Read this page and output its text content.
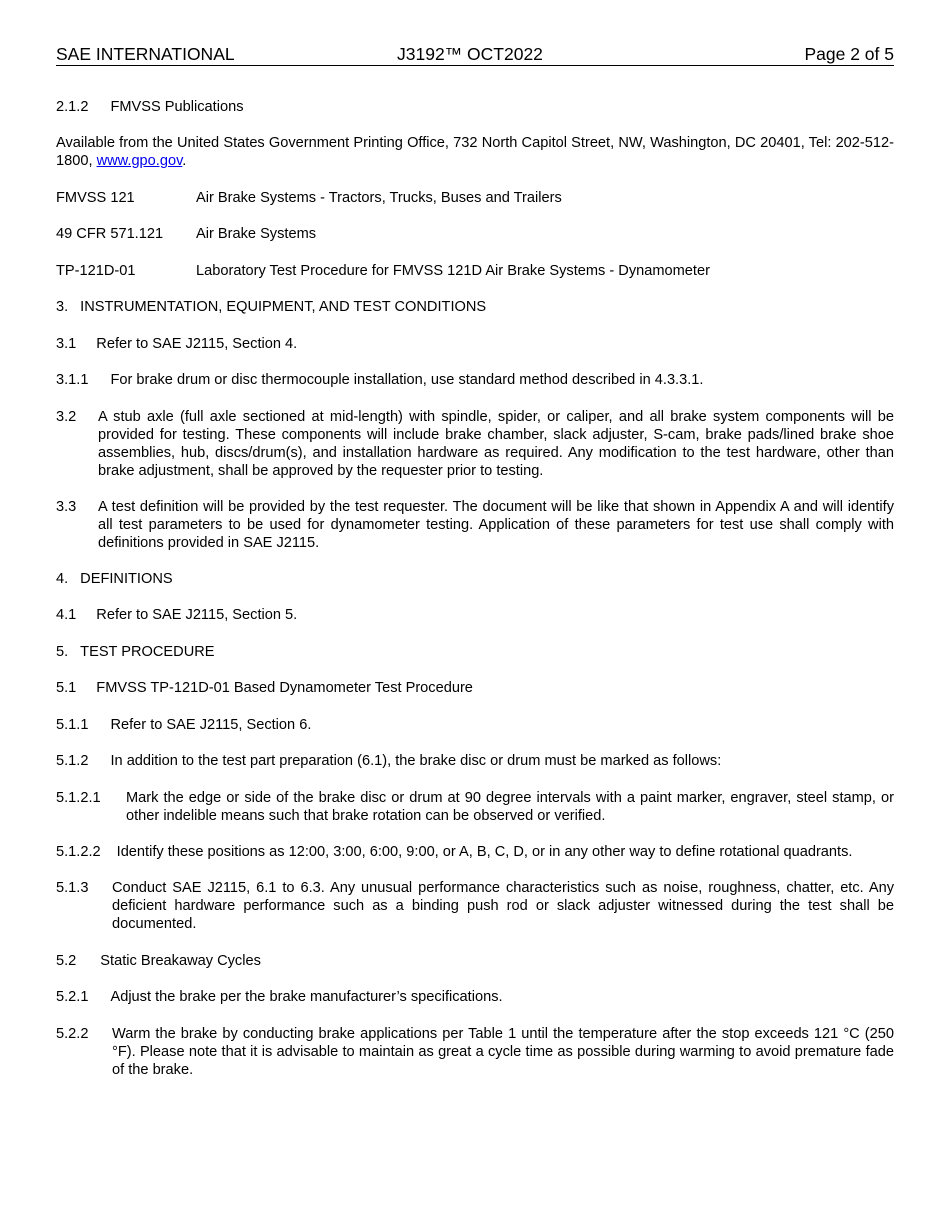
SAE INTERNATIONAL	J3192™ OCT2022	Page 2 of 5
2.1.2 FMVSS Publications
Available from the United States Government Printing Office, 732 North Capitol Street, NW, Washington, DC 20401, Tel: 202-512-1800, www.gpo.gov.
FMVSS 121	Air Brake Systems - Tractors, Trucks, Buses and Trailers
49 CFR 571.121 Air Brake Systems
TP-121D-01	Laboratory Test Procedure for FMVSS 121D Air Brake Systems - Dynamometer
3. INSTRUMENTATION, EQUIPMENT, AND TEST CONDITIONS
3.1 Refer to SAE J2115, Section 4.
3.1.1 For brake drum or disc thermocouple installation, use standard method described in 4.3.3.1.
3.2 A stub axle (full axle sectioned at mid-length) with spindle, spider, or caliper, and all brake system components will be provided for testing. These components will include brake chamber, slack adjuster, S-cam, brake pads/lined brake shoe assemblies, hub, discs/drum(s), and installation hardware as required. Any modification to the test hardware, other than brake adjustment, shall be approved by the requester prior to testing.
3.3 A test definition will be provided by the test requester. The document will be like that shown in Appendix A and will identify all test parameters to be used for dynamometer testing. Application of these parameters for test use shall comply with definitions provided in SAE J2115.
4. DEFINITIONS
4.1 Refer to SAE J2115, Section 5.
5. TEST PROCEDURE
5.1 FMVSS TP-121D-01 Based Dynamometer Test Procedure
5.1.1 Refer to SAE J2115, Section 6.
5.1.2 In addition to the test part preparation (6.1), the brake disc or drum must be marked as follows:
5.1.2.1 Mark the edge or side of the brake disc or drum at 90 degree intervals with a paint marker, engraver, steel stamp, or other indelible means such that brake rotation can be observed or verified.
5.1.2.2 Identify these positions as 12:00, 3:00, 6:00, 9:00, or A, B, C, D, or in any other way to define rotational quadrants.
5.1.3 Conduct SAE J2115, 6.1 to 6.3. Any unusual performance characteristics such as noise, roughness, chatter, etc. Any deficient hardware performance such as a binding push rod or slack adjuster witnessed during the test shall be documented.
5.2 Static Breakaway Cycles
5.2.1 Adjust the brake per the brake manufacturer’s specifications.
5.2.2 Warm the brake by conducting brake applications per Table 1 until the temperature after the stop exceeds 121 °C (250 °F). Please note that it is advisable to maintain as great a cycle time as possible during warming to avoid premature fade of the brake.
